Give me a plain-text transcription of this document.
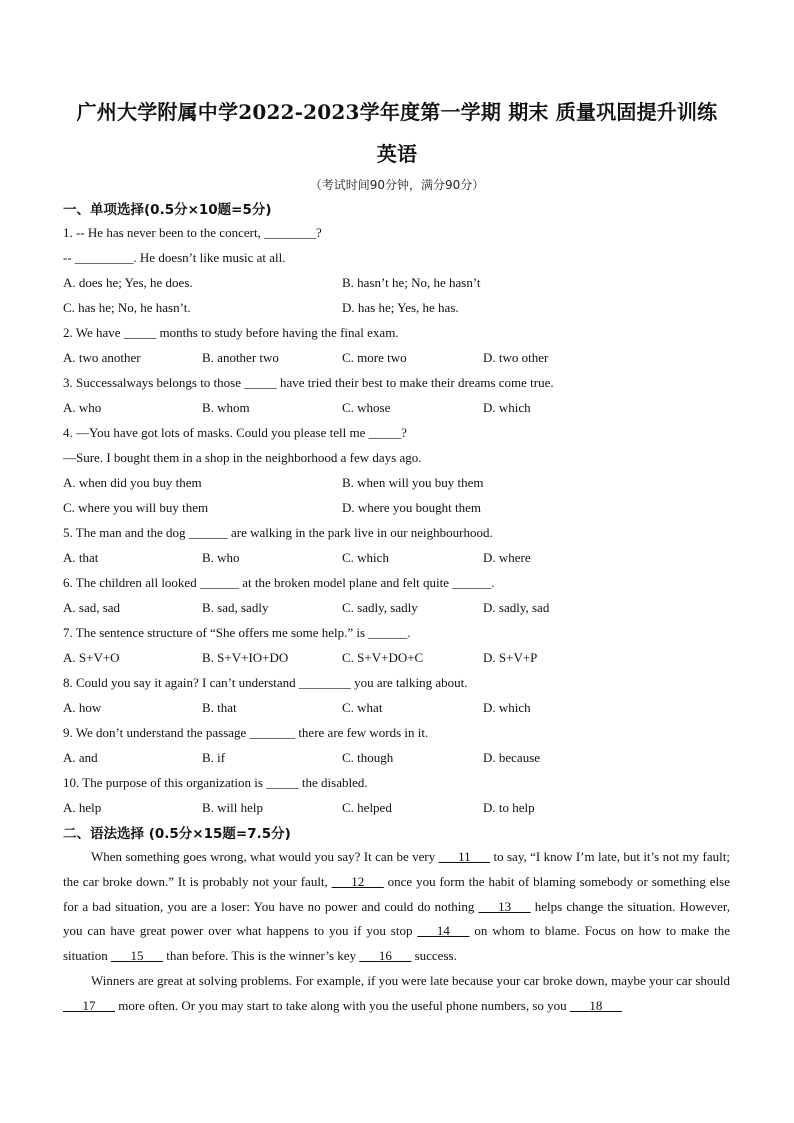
广州大学附属中学2022-2023学年度第一学期 期末 质量巩固提升训练
英语
（考试时间90分钟，满分90分）
一、单项选择(0.5分×10题=5分)
1. -- He has never been to the concert, ________?
-- _________. He doesn’t like music at all.
A. does he; Yes, he does.	B. hasn’t he; No, he hasn’t
C. has he; No, he hasn’t.	D. has he; Yes, he has.
2. We have _____ months to study before having the final exam.
A. two another	B. another two	C. more two	D. two other
3. Successalways belongs to those _____ have tried their best to make their dreams come true.
A. who	B. whom	C. whose	D. which
4. —You have got lots of masks. Could you please tell me _____?
—Sure. I bought them in a shop in the neighborhood a few days ago.
A. when did you buy them	B. when will you buy them
C. where you will buy them	D. where you bought them
5. The man and the dog ______ are walking in the park live in our neighbourhood.
A. that	B. who	C. which	D. where
6. The children all looked ______ at the broken model plane and felt quite ______.
A. sad, sad	B. sad, sadly	C. sadly, sadly	D. sadly, sad
7. The sentence structure of “She offers me some help.” is ______.
A. S+V+O	B. S+V+IO+DO	C. S+V+DO+C	D. S+V+P
8. Could you say it again? I can’t understand ________ you are talking about.
A. how	B. that	C. what	D. which
9. We don’t understand the passage _______ there are few words in it.
A. and	B. if	C. though	D. because
10. The purpose of this organization is _____ the disabled.
A. help	B. will help	C. helped	D. to help
二、语法选择 (0.5分×15题=7.5分)

When something goes wrong, what would you say? It can be very ___11___ to say, “I know I’m late, but it’s not my fault; the car broke down.” It is probably not your fault, ___12___ once you form the habit of blaming somebody or something else for a bad situation, you are a loser: You have no power and could do nothing ___13___ helps change the situation. However, you can have great power over what happens to you if you stop ___14___ on whom to blame. Focus on how to make the situation ___15___ than before. This is the winner’s key ___16___ success.

Winners are great at solving problems. For example, if you were late because your car broke down, maybe your car should ___17___ more often. Or you may start to take along with you the useful phone numbers, so you ___18___
